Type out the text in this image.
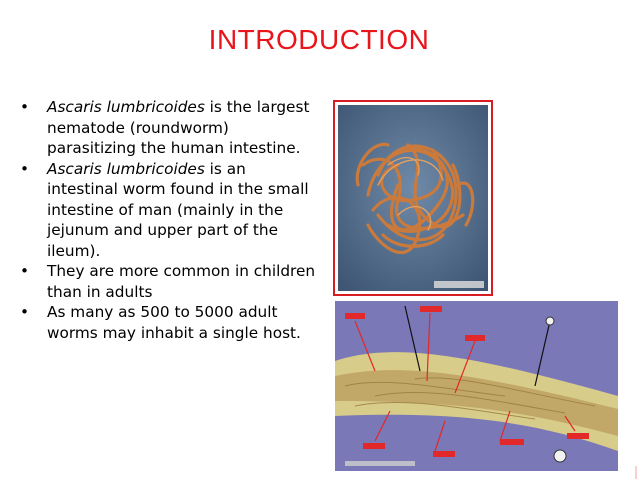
INTRODUCTION
• Ascaris lumbricoides is the largest nematode (roundworm) parasitizing the human intestine.
• Ascaris lumbricoides is an intestinal worm found in the small intestine of man (mainly in the jejunum and upper part of the ileum).
• They are more common in children than in adults
• As many as 500 to 5000 adult worms may inhabit a single host.
